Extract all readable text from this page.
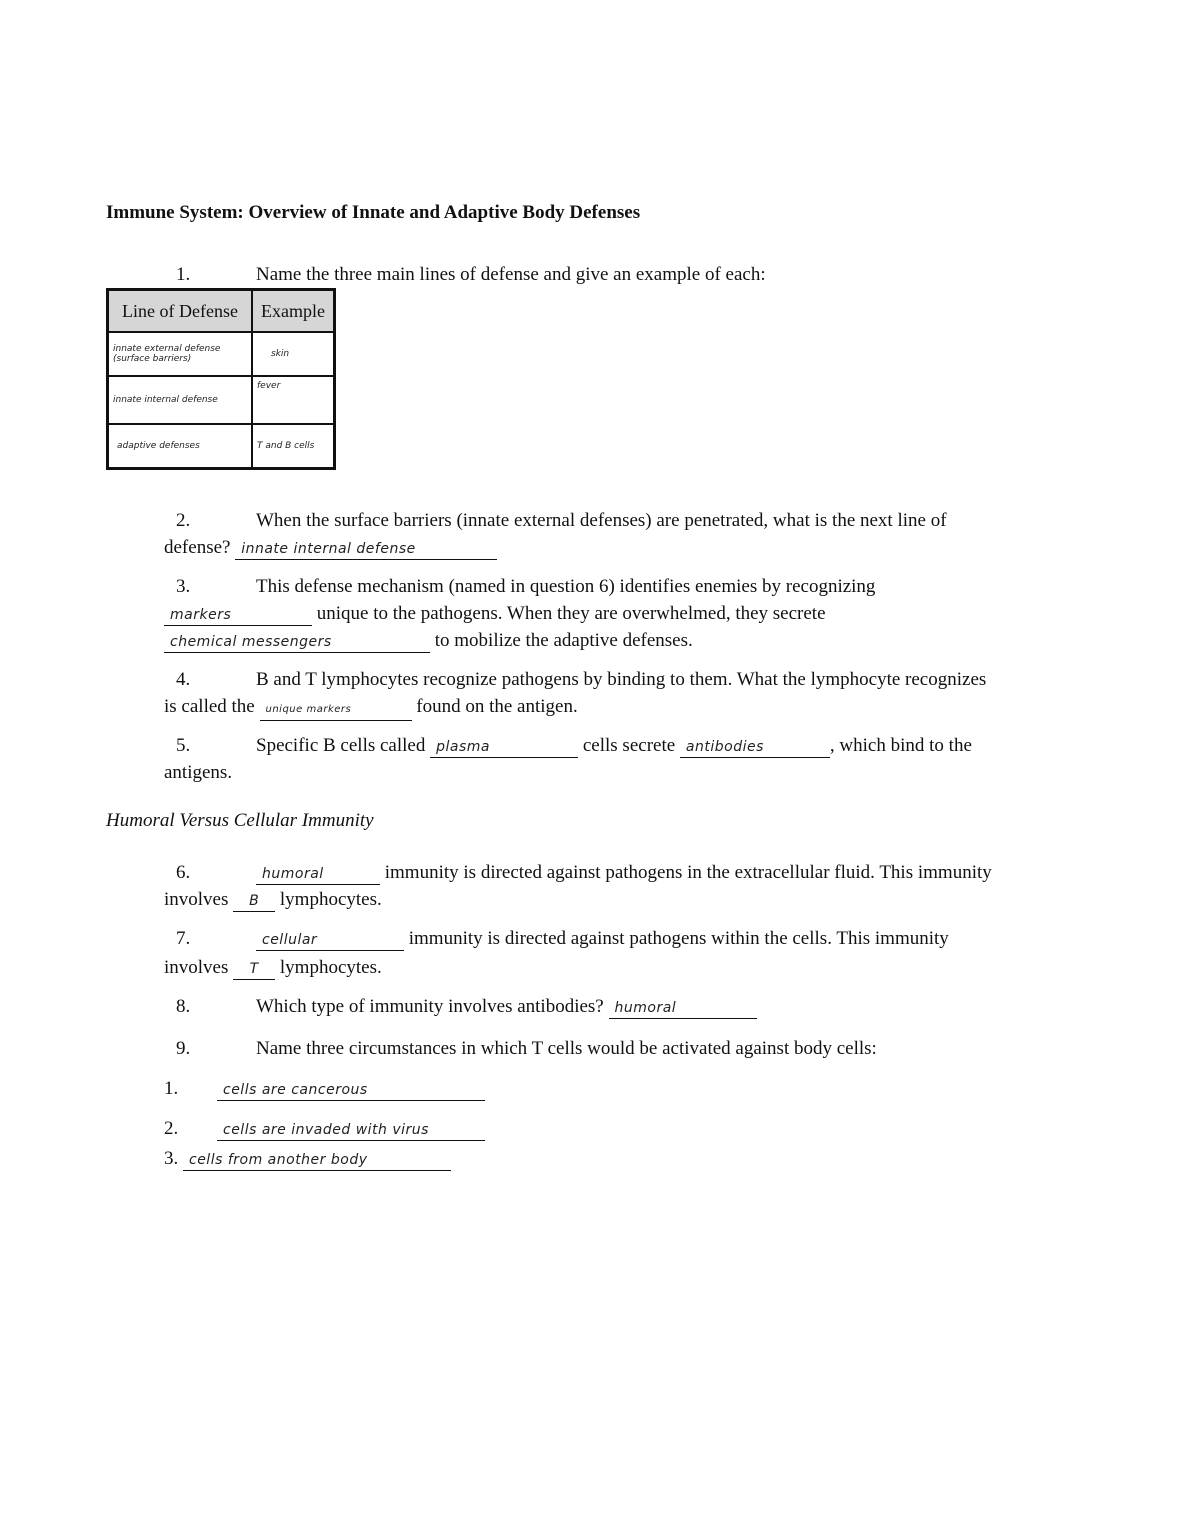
Immune System: Overview of Innate and Adaptive Body Defenses
1.	Name the three main lines of defense and give an example of each:
Line of Defense	Example

innate external defense (surface barriers)	skin

innate internal defense	fever

adaptive defenses	T and B cells
2.	When the surface barriers (innate external defenses) are penetrated, what is the next line of
defense? innate internal defense
3.	This defense mechanism (named in question 6) identifies enemies by recognizing
markers	unique to the pathogens. When they are overwhelmed, they secrete
chemical messengers	to mobilize the adaptive defenses.
4.	B and T lymphocytes recognize pathogens by binding to them. What the lymphocyte recognizes
is called the unique markers	found on the antigen.
5.	Specific B cells called plasma	cells secrete antibodies	, which bind to the
antigens.
Humoral Versus Cellular Immunity
6.	humoral	immunity is directed against pathogens in the extracellular fluid. This immunity
involves B lymphocytes.
7.	cellular	immunity is directed against pathogens within the cells. This immunity
involves T lymphocytes.
8.	Which type of immunity involves antibodies? humoral
9.	Name three circumstances in which T cells would be activated against body cells:
1.	cells are cancerous
2.	cells are invaded with virus
3. cells from another body
